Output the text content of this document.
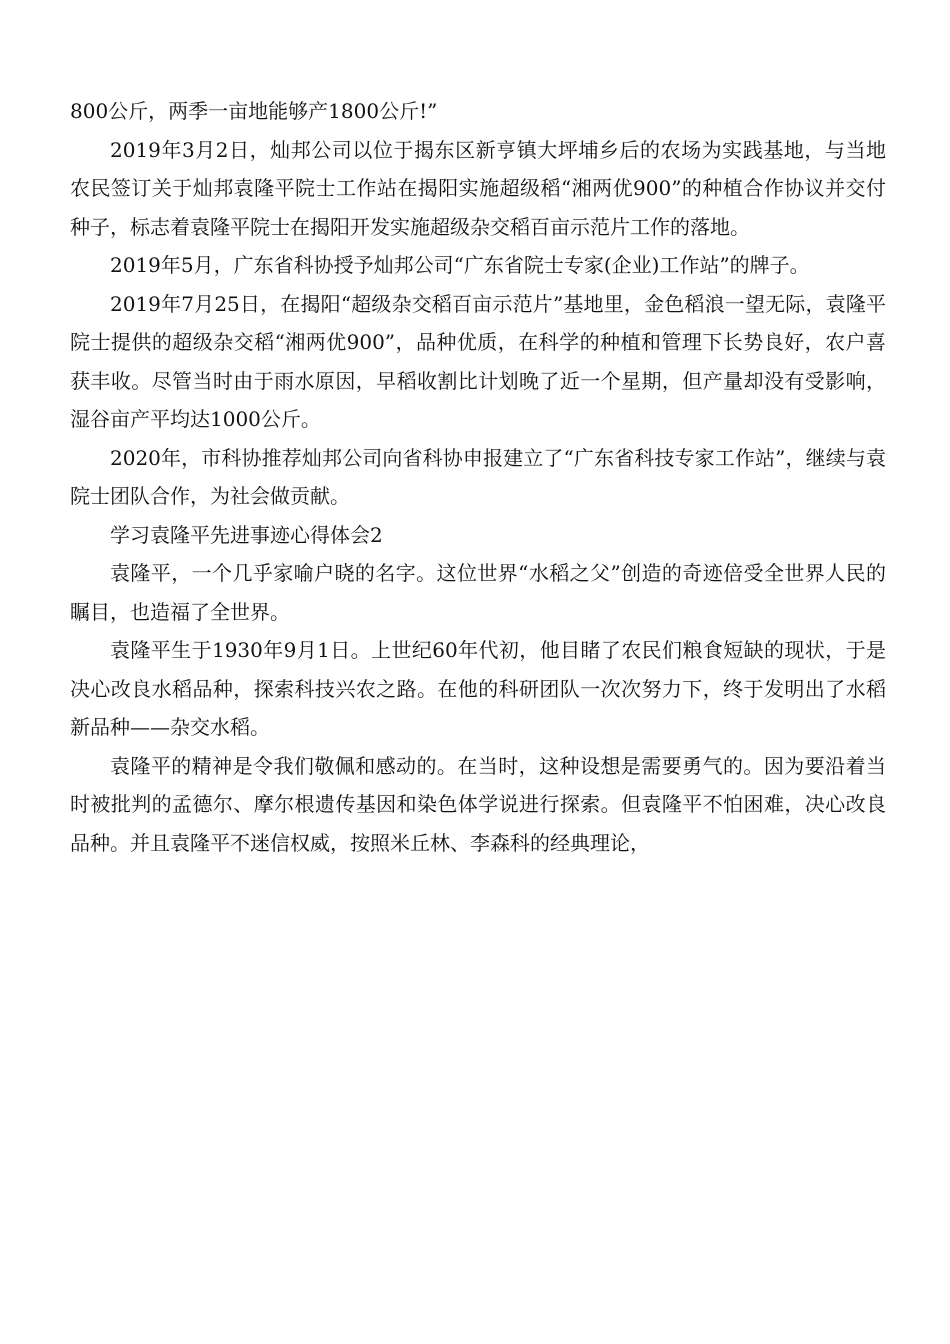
800公斤，两季一亩地能够产1800公斤!”

2019年3月2日，灿邦公司以位于揭东区新亨镇大坪埔乡后的农场为实践基地，与当地农民签订关于灿邦袁隆平院士工作站在揭阳实施超级稻“湘两优900”的种植合作协议并交付种子，标志着袁隆平院士在揭阳开发实施超级杂交稻百亩示范片工作的落地。

2019年5月，广东省科协授予灿邦公司“广东省院士专家(企业)工作站”的牌子。

2019年7月25日，在揭阳“超级杂交稻百亩示范片”基地里，金色稻浪一望无际，袁隆平院士提供的超级杂交稻“湘两优900”，品种优质，在科学的种植和管理下长势良好，农户喜获丰收。尽管当时由于雨水原因，早稻收割比计划晚了近一个星期，但产量却没有受影响，湿谷亩产平均达1000公斤。

2020年，市科协推荐灿邦公司向省科协申报建立了“广东省科技专家工作站”，继续与袁院士团队合作，为社会做贡献。

学习袁隆平先进事迹心得体会2

袁隆平，一个几乎家喻户晓的名字。这位世界“水稻之父”创造的奇迹倍受全世界人民的瞩目，也造福了全世界。

袁隆平生于1930年9月1日。上世纪60年代初，他目睹了农民们粮食短缺的现状，于是决心改良水稻品种，探索科技兴农之路。在他的科研团队一次次努力下，终于发明出了水稻新品种——杂交水稻。

袁隆平的精神是令我们敬佩和感动的。在当时，这种设想是需要勇气的。因为要沿着当时被批判的孟德尔、摩尔根遗传基因和染色体学说进行探索。但袁隆平不怕困难，决心改良品种。并且袁隆平不迷信权威，按照米丘林、李森科的经典理论，
